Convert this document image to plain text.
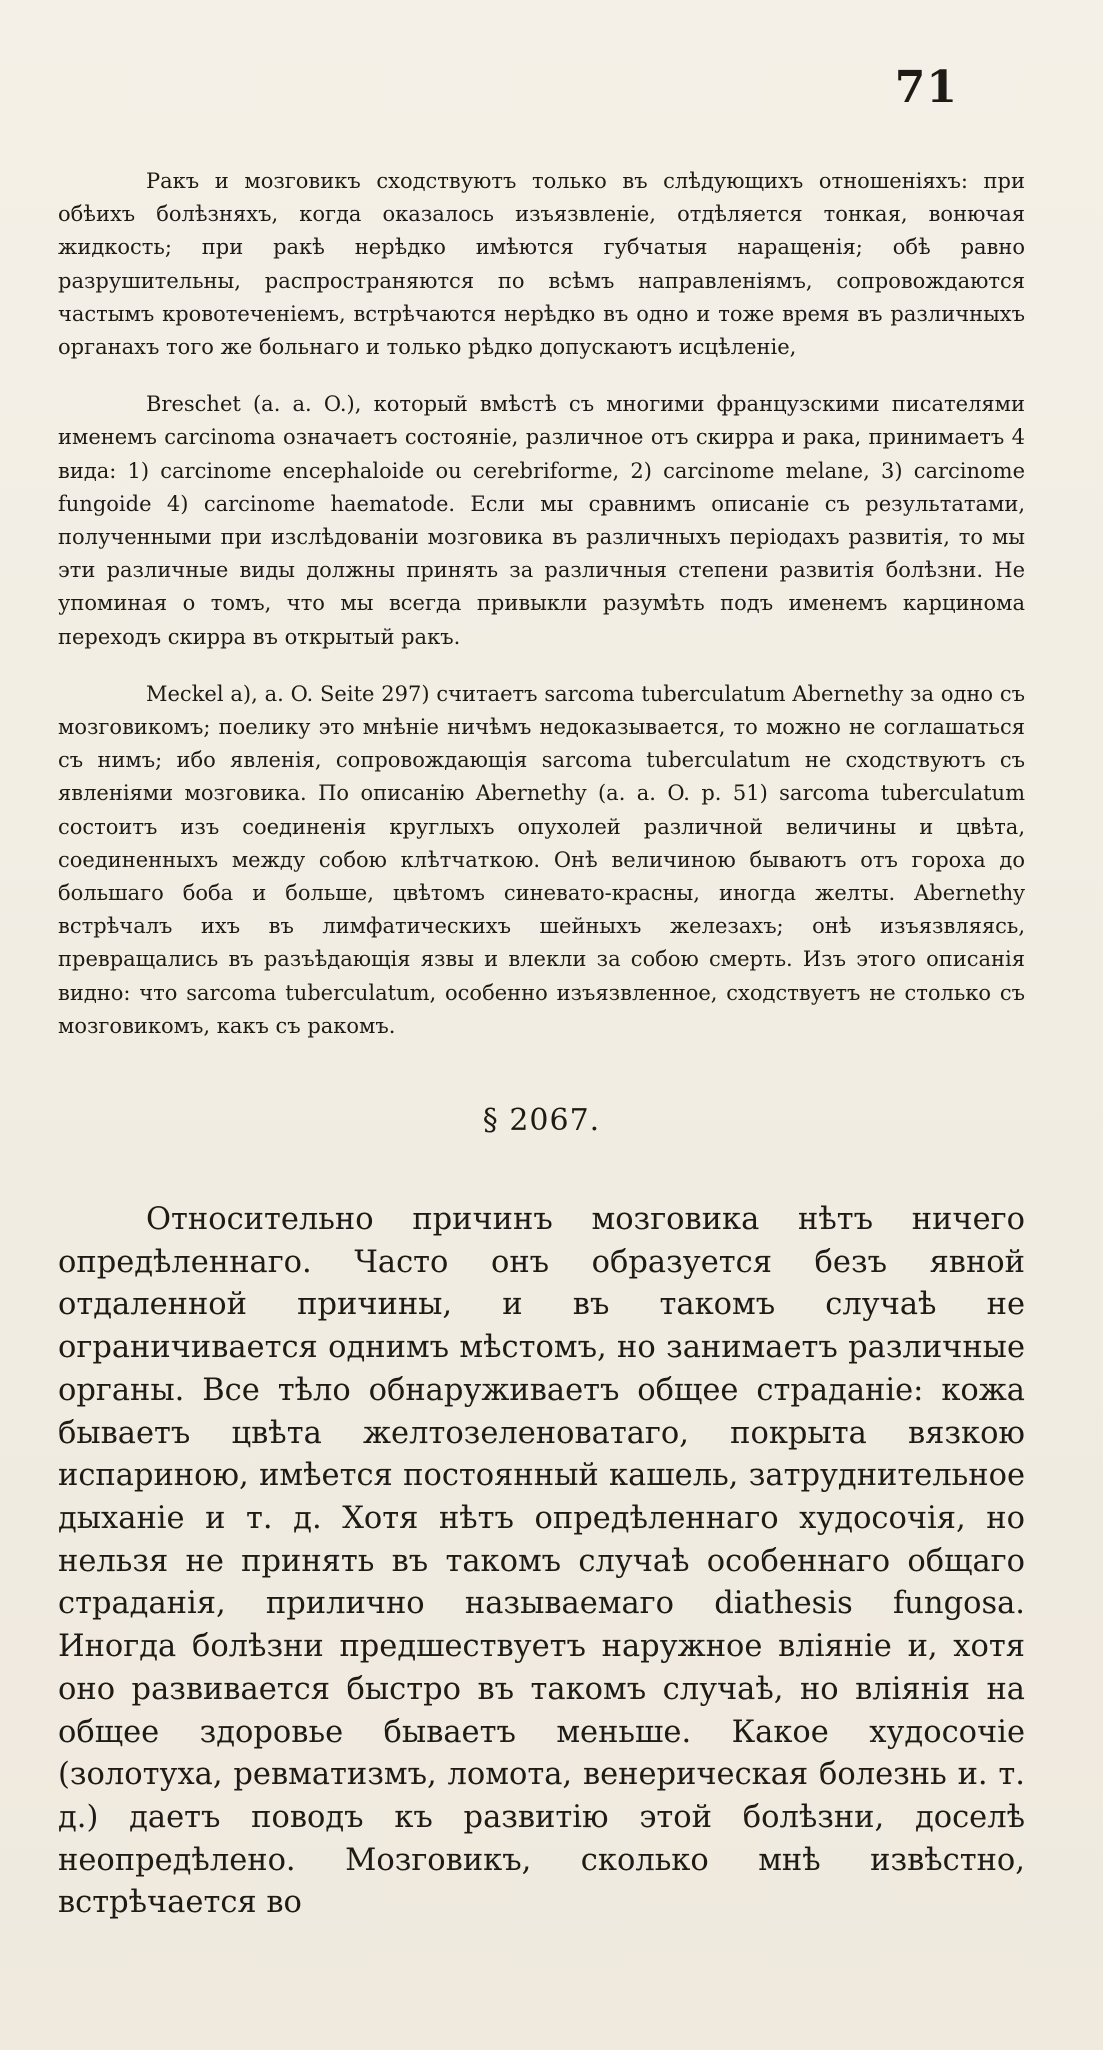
71

Ракъ и мозговикъ сходствуютъ только въ слѣдующихъ отношеніяхъ: при обѣихъ болѣзняхъ, когда оказалось изъязвленіе, отдѣляется тонкая, вонючая жидкость; при ракѣ нерѣдко имѣются губчатыя наращенія; обѣ равно разрушительны, распространяются по всѣмъ направленіямъ, сопровождаются частымъ кровотеченіемъ, встрѣчаются нерѣдко въ одно и тоже время въ различныхъ органахъ того же больнаго и только рѣдко допускаютъ исцѣленіе,

Breschet (a. a. O.), который вмѣстѣ съ многими французскими писателями именемъ carcinoma означаетъ состояніе, различное отъ скирра и рака, принимаетъ 4 вида: 1) carcinome encephaloide ou cerebriforme, 2) carcinome melane, 3) carcinome fungoide 4) carcinome haematode. Если мы сравнимъ описаніе съ результатами, полученными при изслѣдованіи мозговика въ различныхъ періодахъ развитія, то мы эти различные виды должны принять за различныя степени развитія болѣзни. Не упоминая о томъ, что мы всегда привыкли разумѣть подъ именемъ карцинома переходъ скирра въ открытый ракъ.

Meckel a), a. O. Seite 297) считаетъ sarcoma tuberculatum Abernethy за одно съ мозговикомъ; поелику это мнѣніе ничѣмъ недоказывается, то можно не соглашаться съ нимъ; ибо явленія, сопровождающія sarcoma tuberculatum не сходствуютъ съ явленіями мозговика. По описанію Abernethy (a. a. O. p. 51) sarcoma tuberculatum состоитъ изъ соединенія круглыхъ опухолей различной величины и цвѣта, соединенныхъ между собою клѣтчаткою. Онѣ величиною бываютъ отъ гороха до большаго боба и больше, цвѣтомъ синевато-красны, иногда желты. Abernethy встрѣчалъ ихъ въ лимфатическихъ шейныхъ железахъ; онѣ изъязвляясь, превращались въ разъѣдающія язвы и влекли за собою смерть. Изъ этого описанія видно: что sarcoma tuberculatum, особенно изъязвленное, сходствуетъ не столько съ мозговикомъ, какъ съ ракомъ.

§ 2067.

Относительно причинъ мозговика нѣтъ ничего опредѣленнаго. Часто онъ образуется безъ явной отдаленной причины, и въ такомъ случаѣ не ограничивается однимъ мѣстомъ, но занимаетъ различные органы. Все тѣло обнаруживаетъ общее страданіе: кожа бываетъ цвѣта желтозеленоватаго, покрыта вязкою испариною, имѣется постоянный кашель, затруднительное дыханіе и т. д. Хотя нѣтъ опредѣленнаго худосочія, но нельзя не принять въ такомъ случаѣ особеннаго общаго страданія, прилично называемаго diathesis fungosa. Иногда болѣзни предшествуетъ наружное вліяніе и, хотя оно развивается быстро въ такомъ случаѣ, но вліянія на общее здоровье бываетъ меньше. Какое худосочіе (золотуха, ревматизмъ, ломота, венерическая болезнь и. т. д.) даетъ поводъ къ развитію этой болѣзни, доселѣ неопредѣлено. Мозговикъ, сколько мнѣ извѣстно, встрѣчается во
